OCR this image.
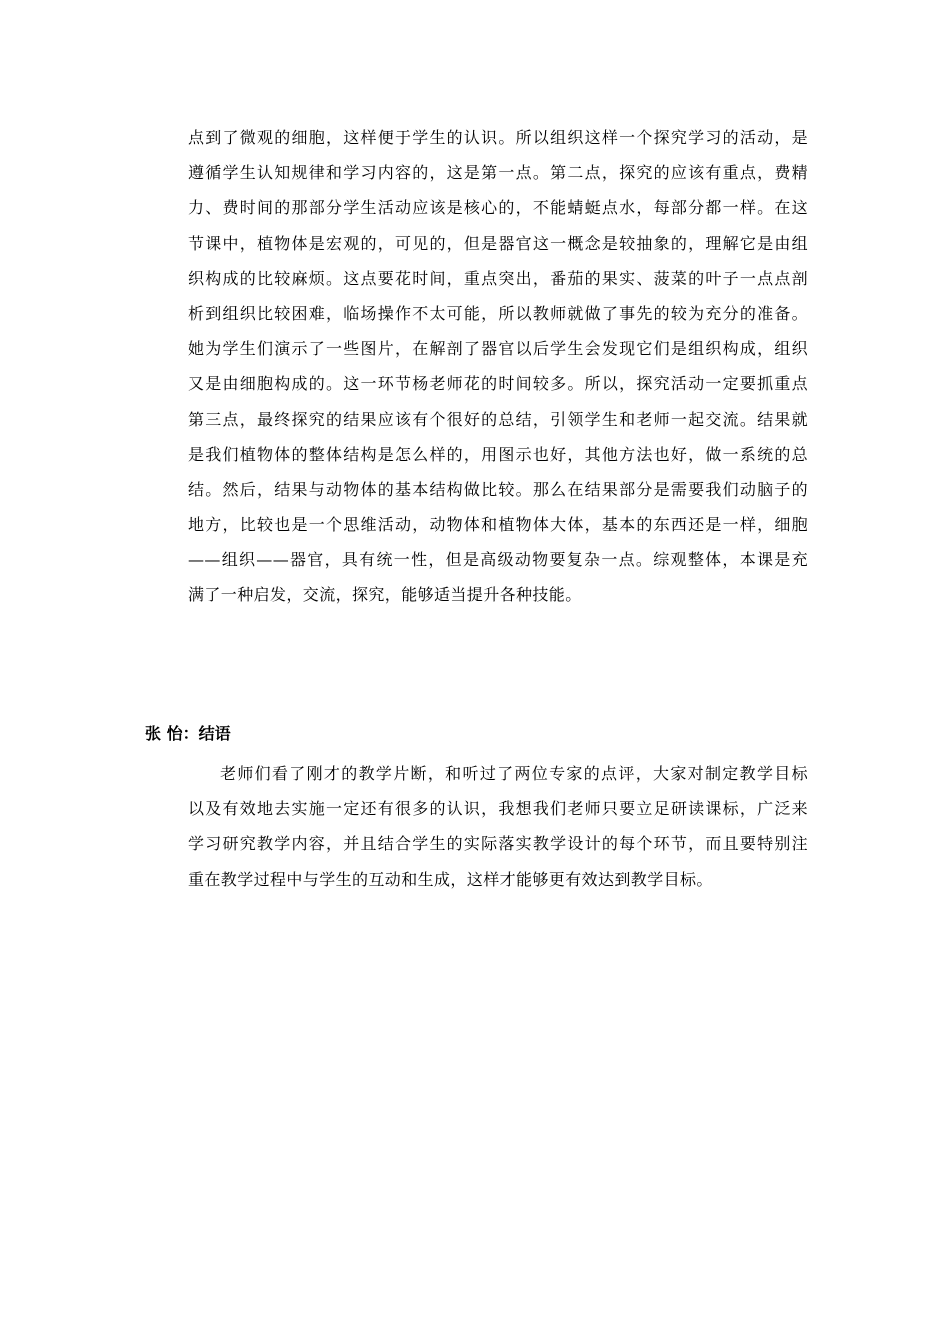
点到了微观的细胞，这样便于学生的认识。所以组织这样一个探究学习的活动，是
遵循学生认知规律和学习内容的，这是第一点。第二点，探究的应该有重点，费精
力、费时间的那部分学生活动应该是核心的，不能蜻蜓点水，每部分都一样。在这
节课中，植物体是宏观的，可见的，但是器官这一概念是较抽象的，理解它是由组
织构成的比较麻烦。这点要花时间，重点突出，番茄的果实、菠菜的叶子一点点剖
析到组织比较困难，临场操作不太可能，所以教师就做了事先的较为充分的准备。
她为学生们演示了一些图片，在解剖了器官以后学生会发现它们是组织构成，组织
又是由细胞构成的。这一环节杨老师花的时间较多。所以，探究活动一定要抓重点
第三点，最终探究的结果应该有个很好的总结，引领学生和老师一起交流。结果就
是我们植物体的整体结构是怎么样的，用图示也好，其他方法也好，做一系统的总
结。然后，结果与动物体的基本结构做比较。那么在结果部分是需要我们动脑子的
地方，比较也是一个思维活动，动物体和植物体大体，基本的东西还是一样，细胞
——组织——器官，具有统一性，但是高级动物要复杂一点。综观整体，本课是充
满了一种启发，交流，探究，能够适当提升各种技能。
张 怡：结语
老师们看了刚才的教学片断，和听过了两位专家的点评，大家对制定教学目标
以及有效地去实施一定还有很多的认识，我想我们老师只要立足研读课标，广泛来
学习研究教学内容，并且结合学生的实际落实教学设计的每个环节，而且要特别注
重在教学过程中与学生的互动和生成，这样才能够更有效达到教学目标。
